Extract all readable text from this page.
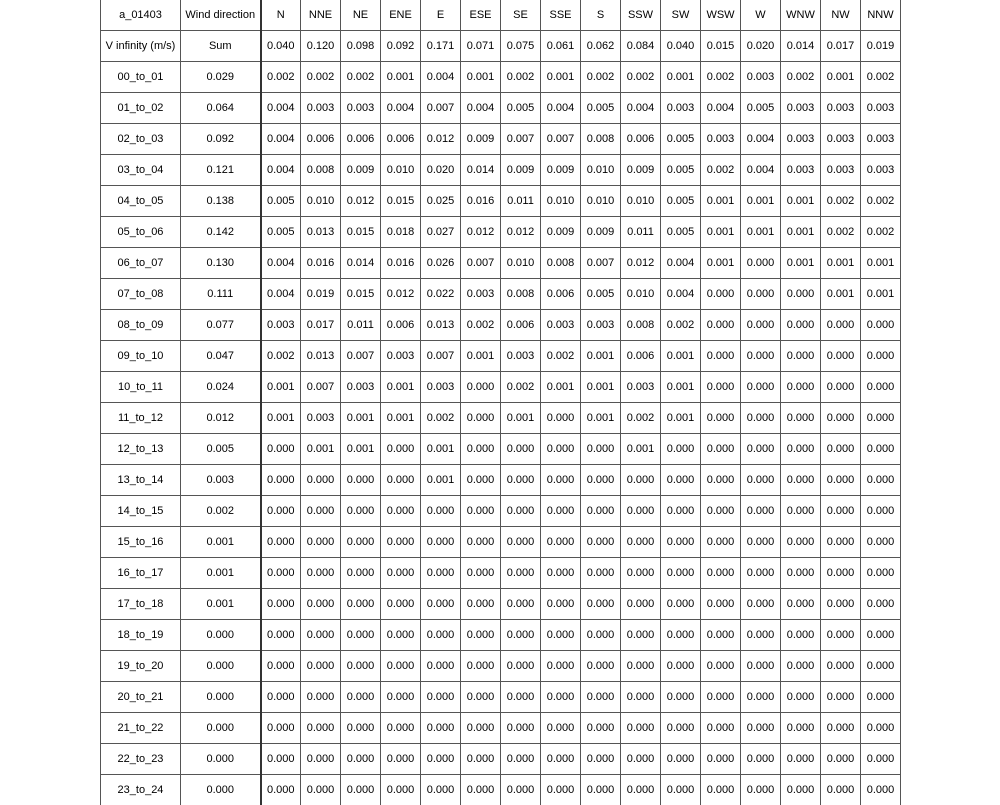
a_01403	Wind direction	N	NNE	NE	ENE	E	ESE	SE	SSE	S	SSW	SW	WSW	W	WNW	NW	NNW
V infinity (m/s)	Sum	0.040	0.120	0.098	0.092	0.171	0.071	0.075	0.061	0.062	0.084	0.040	0.015	0.020	0.014	0.017	0.019
00_to_01	0.029	0.002	0.002	0.002	0.001	0.004	0.001	0.002	0.001	0.002	0.002	0.001	0.002	0.003	0.002	0.001	0.002
01_to_02	0.064	0.004	0.003	0.003	0.004	0.007	0.004	0.005	0.004	0.005	0.004	0.003	0.004	0.005	0.003	0.003	0.003
02_to_03	0.092	0.004	0.006	0.006	0.006	0.012	0.009	0.007	0.007	0.008	0.006	0.005	0.003	0.004	0.003	0.003	0.003
03_to_04	0.121	0.004	0.008	0.009	0.010	0.020	0.014	0.009	0.009	0.010	0.009	0.005	0.002	0.004	0.003	0.003	0.003
04_to_05	0.138	0.005	0.010	0.012	0.015	0.025	0.016	0.011	0.010	0.010	0.010	0.005	0.001	0.001	0.001	0.002	0.002
05_to_06	0.142	0.005	0.013	0.015	0.018	0.027	0.012	0.012	0.009	0.009	0.011	0.005	0.001	0.001	0.001	0.002	0.002
06_to_07	0.130	0.004	0.016	0.014	0.016	0.026	0.007	0.010	0.008	0.007	0.012	0.004	0.001	0.000	0.001	0.001	0.001
07_to_08	0.111	0.004	0.019	0.015	0.012	0.022	0.003	0.008	0.006	0.005	0.010	0.004	0.000	0.000	0.000	0.001	0.001
08_to_09	0.077	0.003	0.017	0.011	0.006	0.013	0.002	0.006	0.003	0.003	0.008	0.002	0.000	0.000	0.000	0.000	0.000
09_to_10	0.047	0.002	0.013	0.007	0.003	0.007	0.001	0.003	0.002	0.001	0.006	0.001	0.000	0.000	0.000	0.000	0.000
10_to_11	0.024	0.001	0.007	0.003	0.001	0.003	0.000	0.002	0.001	0.001	0.003	0.001	0.000	0.000	0.000	0.000	0.000
11_to_12	0.012	0.001	0.003	0.001	0.001	0.002	0.000	0.001	0.000	0.001	0.002	0.001	0.000	0.000	0.000	0.000	0.000
12_to_13	0.005	0.000	0.001	0.001	0.000	0.001	0.000	0.000	0.000	0.000	0.001	0.000	0.000	0.000	0.000	0.000	0.000
13_to_14	0.003	0.000	0.000	0.000	0.000	0.001	0.000	0.000	0.000	0.000	0.000	0.000	0.000	0.000	0.000	0.000	0.000
14_to_15	0.002	0.000	0.000	0.000	0.000	0.000	0.000	0.000	0.000	0.000	0.000	0.000	0.000	0.000	0.000	0.000	0.000
15_to_16	0.001	0.000	0.000	0.000	0.000	0.000	0.000	0.000	0.000	0.000	0.000	0.000	0.000	0.000	0.000	0.000	0.000
16_to_17	0.001	0.000	0.000	0.000	0.000	0.000	0.000	0.000	0.000	0.000	0.000	0.000	0.000	0.000	0.000	0.000	0.000
17_to_18	0.001	0.000	0.000	0.000	0.000	0.000	0.000	0.000	0.000	0.000	0.000	0.000	0.000	0.000	0.000	0.000	0.000
18_to_19	0.000	0.000	0.000	0.000	0.000	0.000	0.000	0.000	0.000	0.000	0.000	0.000	0.000	0.000	0.000	0.000	0.000
19_to_20	0.000	0.000	0.000	0.000	0.000	0.000	0.000	0.000	0.000	0.000	0.000	0.000	0.000	0.000	0.000	0.000	0.000
20_to_21	0.000	0.000	0.000	0.000	0.000	0.000	0.000	0.000	0.000	0.000	0.000	0.000	0.000	0.000	0.000	0.000	0.000
21_to_22	0.000	0.000	0.000	0.000	0.000	0.000	0.000	0.000	0.000	0.000	0.000	0.000	0.000	0.000	0.000	0.000	0.000
22_to_23	0.000	0.000	0.000	0.000	0.000	0.000	0.000	0.000	0.000	0.000	0.000	0.000	0.000	0.000	0.000	0.000	0.000
23_to_24	0.000	0.000	0.000	0.000	0.000	0.000	0.000	0.000	0.000	0.000	0.000	0.000	0.000	0.000	0.000	0.000	0.000
